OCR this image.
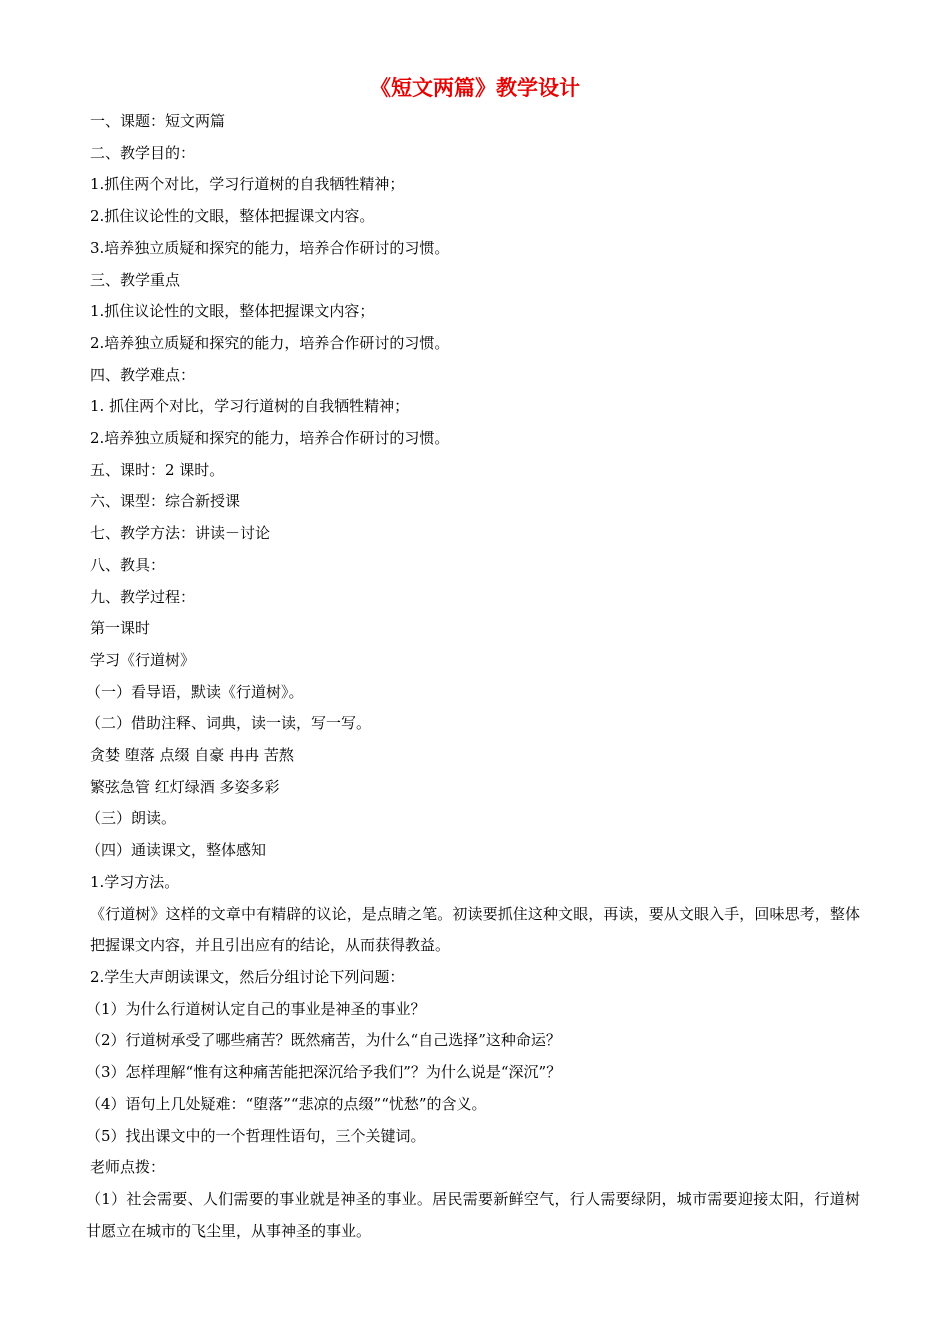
《短文两篇》教学设计
一、课题：短文两篇
二、教学目的：
1.抓住两个对比，学习行道树的自我牺牲精神；
2.抓住议论性的文眼，整体把握课文内容。
3.培养独立质疑和探究的能力，培养合作研讨的习惯。
三、教学重点
1.抓住议论性的文眼，整体把握课文内容；
2.培养独立质疑和探究的能力，培养合作研讨的习惯。
四、教学难点：
1. 抓住两个对比，学习行道树的自我牺牲精神；
2.培养独立质疑和探究的能力，培养合作研讨的习惯。
五、课时：2 课时。
六、课型：综合新授课
七、教学方法：讲读－讨论
八、教具：
九、教学过程：
第一课时
学习《行道树》
（一）看导语，默读《行道树》。
（二）借助注释、词典，读一读，写一写。
贪婪 堕落 点缀 自豪 冉冉 苦熬
繁弦急管 红灯绿酒 多姿多彩
（三）朗读。
（四）通读课文，整体感知
1.学习方法。
《行道树》这样的文章中有精辟的议论，是点睛之笔。初读要抓住这种文眼，再读，要从文眼入手，回味思考，整体把握课文内容，并且引出应有的结论，从而获得教益。
2.学生大声朗读课文，然后分组讨论下列问题：
（1）为什么行道树认定自己的事业是神圣的事业？
（2）行道树承受了哪些痛苦？既然痛苦，为什么“自己选择”这种命运？
（3）怎样理解“惟有这种痛苦能把深沉给予我们”？为什么说是“深沉”？
（4）语句上几处疑难：“堕落”“悲凉的点缀”“忧愁”的含义。
（5）找出课文中的一个哲理性语句，三个关键词。
老师点拨：
（1）社会需要、人们需要的事业就是神圣的事业。居民需要新鲜空气，行人需要绿阴，城市需要迎接太阳，行道树甘愿立在城市的飞尘里，从事神圣的事业。
